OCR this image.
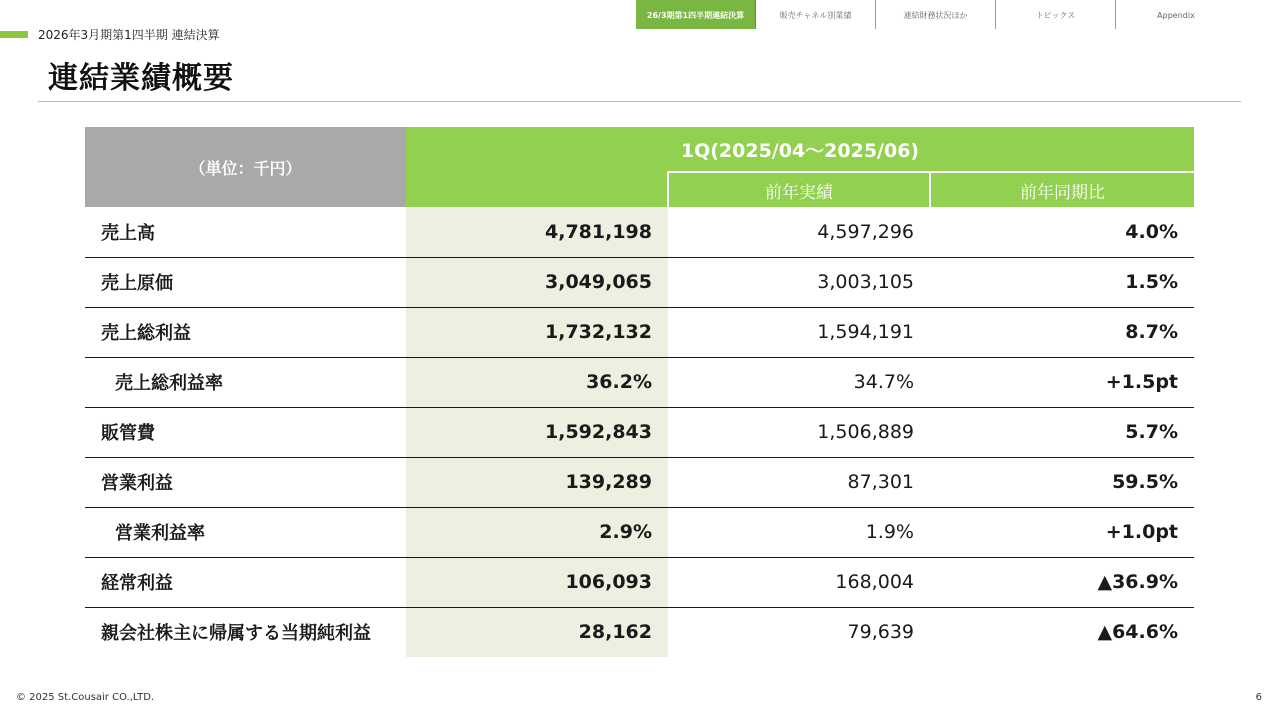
26/3期第1四半期連結決算	販売チャネル別業績	連結財務状況ほか	トピックス	Appendix
2026年3月期第1四半期 連結決算
連結業績概要
（単位：千円）	1Q(2025/04～2025/06)		
		前年実績	前年同期比
売上高	4,781,198	4,597,296	4.0%
売上原価	3,049,065	3,003,105	1.5%
売上総利益	1,732,132	1,594,191	8.7%
売上総利益率	36.2%	34.7%	+1.5pt
販管費	1,592,843	1,506,889	5.7%
営業利益	139,289	87,301	59.5%
営業利益率	2.9%	1.9%	+1.0pt
経常利益	106,093	168,004	▲36.9%
親会社株主に帰属する当期純利益	28,162	79,639	▲64.6%
© 2025 St.Cousair CO.,LTD.	6
